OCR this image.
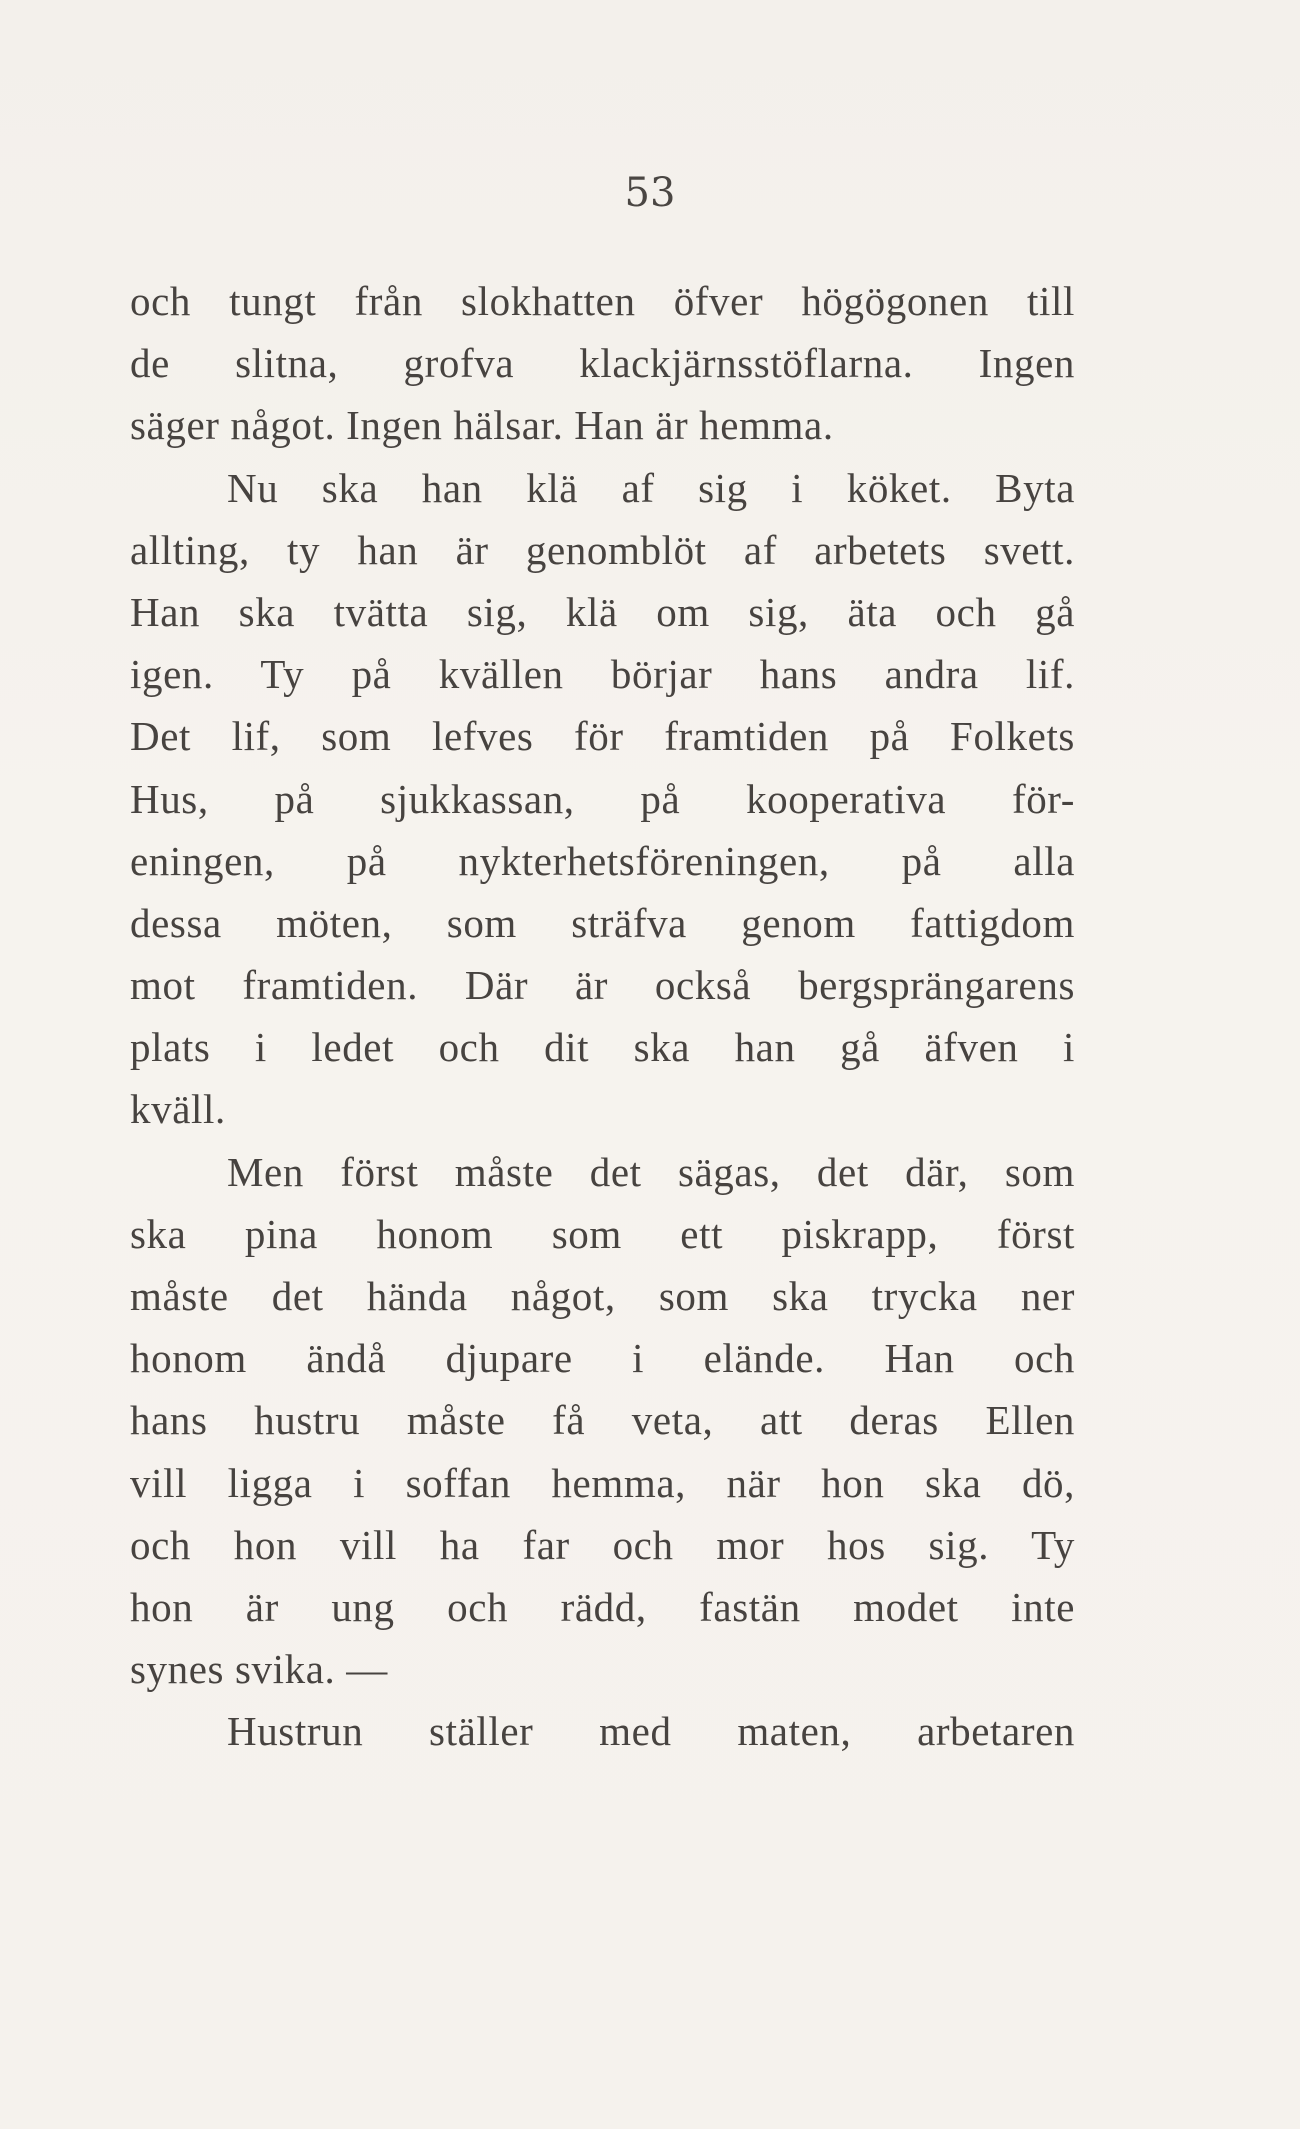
53
och tungt från slokhatten öfver högögonen till
de slitna, grofva klackjärnsstöflarna. Ingen
säger något. Ingen hälsar. Han är hemma.
Nu ska han klä af sig i köket. Byta
allting, ty han är genomblöt af arbetets svett.
Han ska tvätta sig, klä om sig, äta och gå
igen. Ty på kvällen börjar hans andra lif.
Det lif, som lefves för framtiden på Folkets
Hus, på sjukkassan, på kooperativa för-
eningen, på nykterhetsföreningen, på alla
dessa möten, som sträfva genom fattigdom
mot framtiden. Där är också bergsprängarens
plats i ledet och dit ska han gå äfven i
kväll.
Men först måste det sägas, det där, som
ska pina honom som ett piskrapp, först
måste det hända något, som ska trycka ner
honom ändå djupare i elände. Han och
hans hustru måste få veta, att deras Ellen
vill ligga i soffan hemma, när hon ska dö,
och hon vill ha far och mor hos sig. Ty
hon är ung och rädd, fastän modet inte
synes svika. —
Hustrun ställer med maten, arbetaren
